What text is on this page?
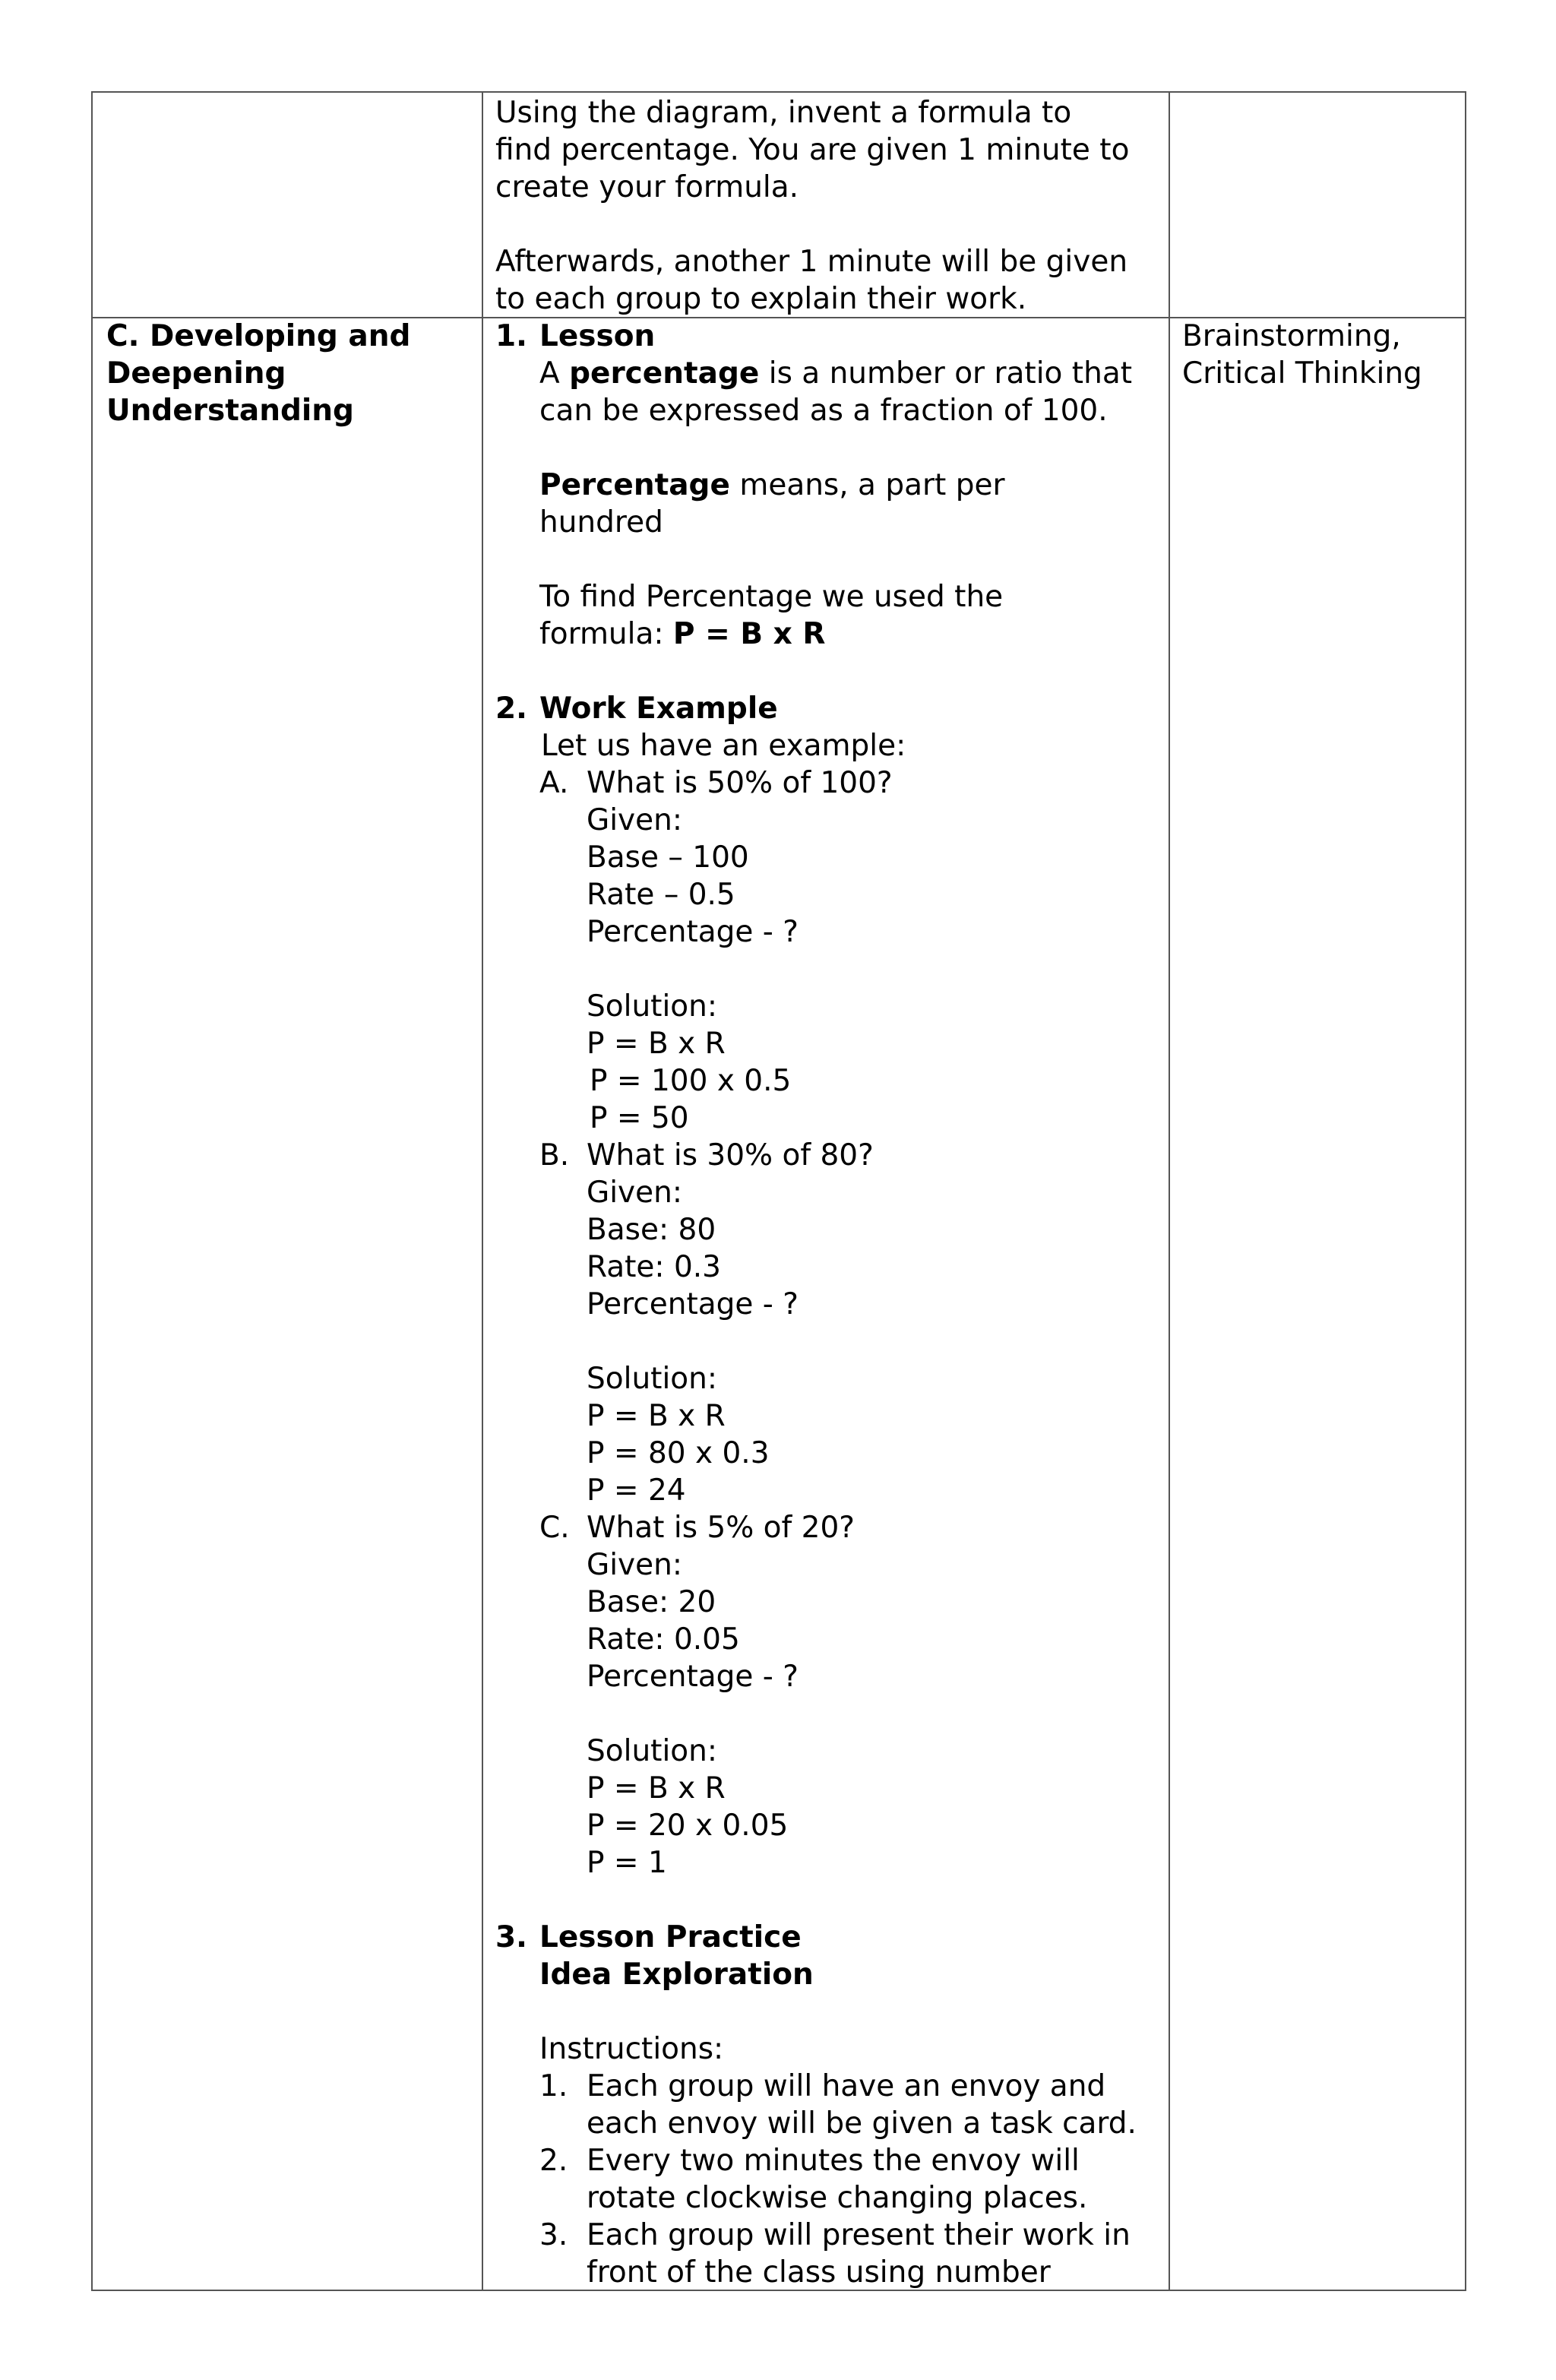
Using the diagram, invent a formula to
find percentage. You are given 1 minute to
create your formula.
Afterwards, another 1 minute will be given
to each group to explain their work.
C. Developing and
Deepening
Understanding
Brainstorming,
Critical Thinking
1. Lesson
A percentage is a number or ratio that
can be expressed as a fraction of 100.
Percentage means, a part per
hundred
To find Percentage we used the
formula: P = B x R
2. Work Example
Let us have an example:
A. What is 50% of 100?
Given:
Base – 100
Rate – 0.5
Percentage - ?
Solution:
P = B x R
P = 100 x 0.5
P = 50
B. What is 30% of 80?
Given:
Base: 80
Rate: 0.3
Percentage - ?
Solution:
P = B x R
P = 80 x 0.3
P = 24
C. What is 5% of 20?
Given:
Base: 20
Rate: 0.05
Percentage - ?
Solution:
P = B x R
P = 20 x 0.05
P = 1
3. Lesson Practice
Idea Exploration
Instructions:
1. Each group will have an envoy and
each envoy will be given a task card.
2. Every two minutes the envoy will
rotate clockwise changing places.
3. Each group will present their work in
front of the class using number
